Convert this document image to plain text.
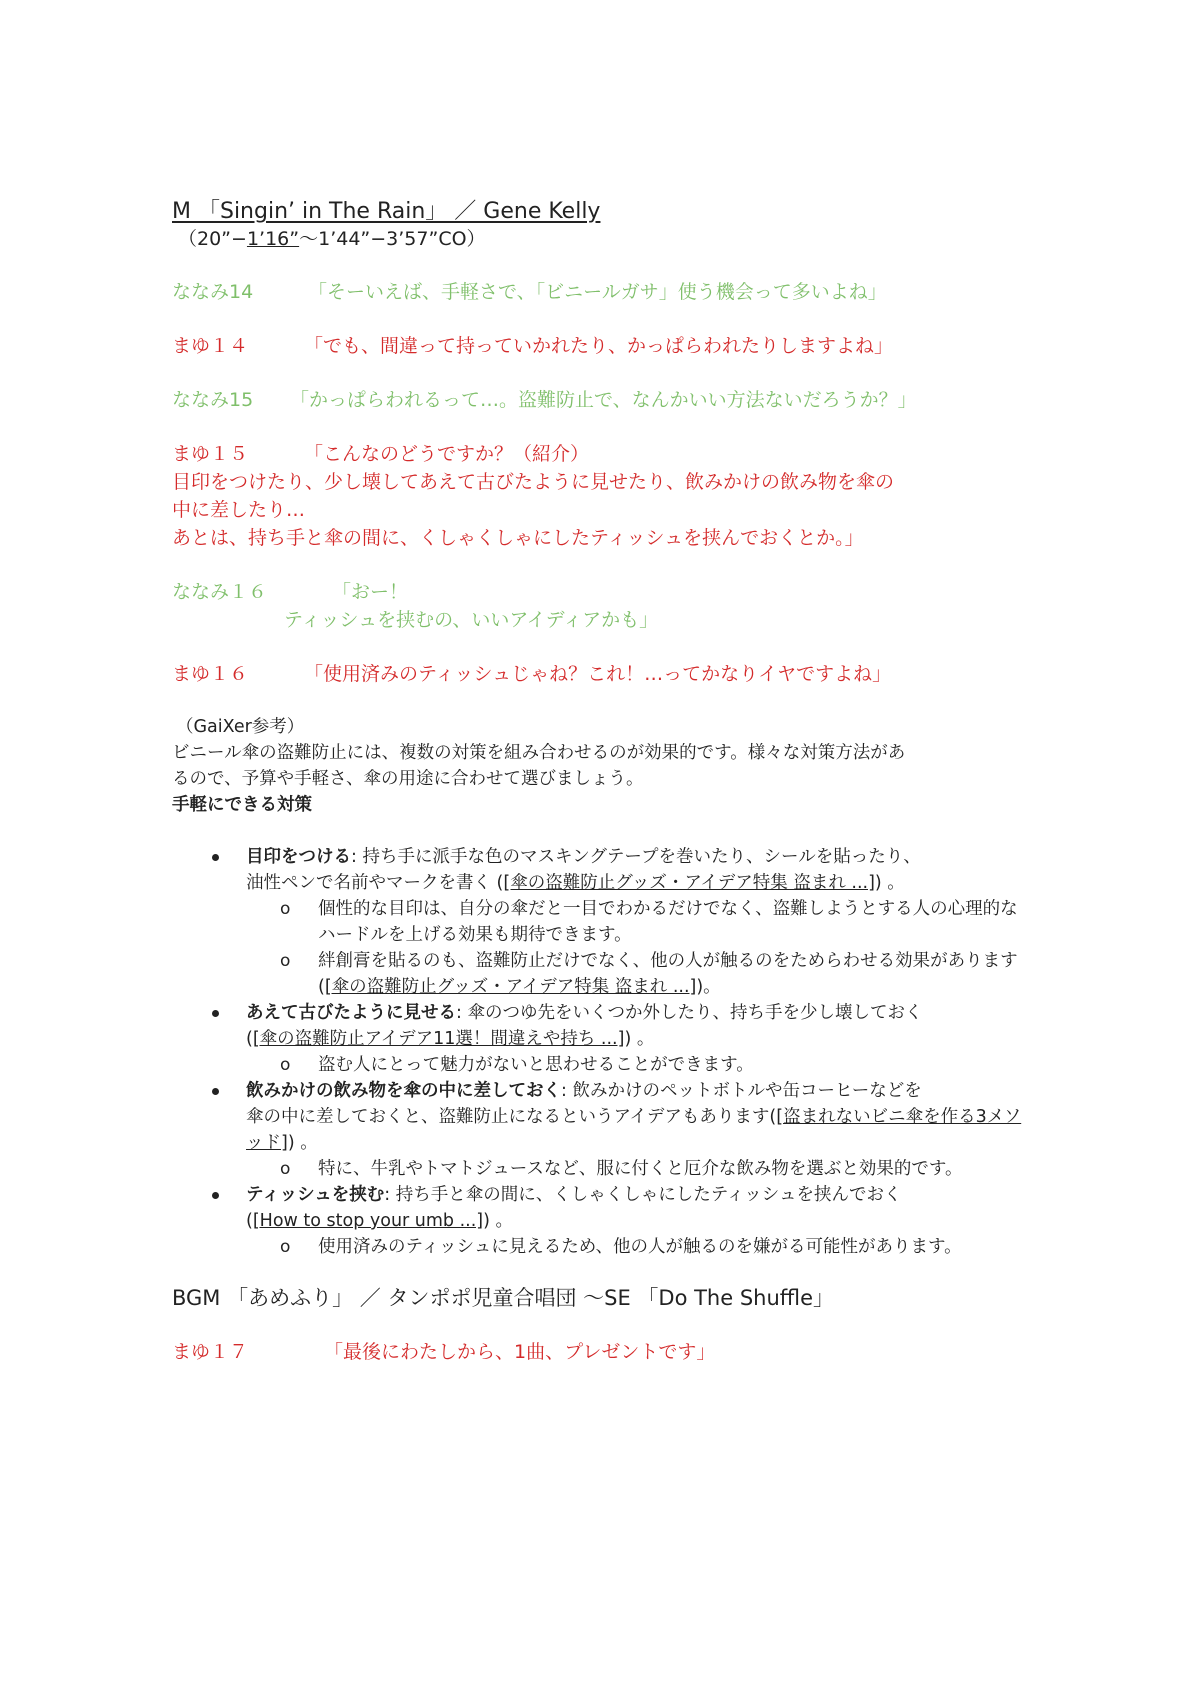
M 「Singin’ in The Rain」 ／ Gene Kelly

（20”−1’16”〜1’44”−3’57”CO）

ななみ14	「そーいえば、手軽さで、「ビニールガサ」使う機会って多いよね」

まゆ１４	「でも、間違って持っていかれたり、かっぱらわれたりしますよね」

ななみ15 「かっぱらわれるって…。盗難防止で、なんかいい方法ないだろうか？」

まゆ１５	「こんなのどうですか？（紹介）

目印をつけたり、少し壊してあえて古びたように見せたり、飲みかけの飲み物を傘の

中に差したり…

あとは、持ち手と傘の間に、くしゃくしゃにしたティッシュを挟んでおくとか。」

ななみ１６	「おー！

ティッシュを挟むの、いいアイディアかも」

まゆ１６	「使用済みのティッシュじゃね？これ！…ってかなりイヤですよね」

（GaiXer参考）

ビニール傘の盗難防止には、複数の対策を組み合わせるのが効果的です。様々な対策方法があ

るので、予算や手軽さ、傘の用途に合わせて選びましょう。

手軽にできる対策

目印をつける: 持ち手に派手な色のマスキングテープを巻いたり、シールを貼ったり、
油性ペンで名前やマークを書く ([傘の盗難防止グッズ・アイデア特集 盗まれ ...]) 。
o 個性的な目印は、自分の傘だと一目でわかるだけでなく、盗難しようとする人の心理的なハードルを上げる効果も期待できます。
o 絆創膏を貼るのも、盗難防止だけでなく、他の人が触るのをためらわせる効果があります([傘の盗難防止グッズ・アイデア特集 盗まれ ...])。
あえて古びたように見せる: 傘のつゆ先をいくつか外したり、持ち手を少し壊しておく
([傘の盗難防止アイデア11選！間違えや持ち ...]) 。
o 盗む人にとって魅力がないと思わせることができます。
飲みかけの飲み物を傘の中に差しておく: 飲みかけのペットボトルや缶コーヒーなどを
傘の中に差しておくと、盗難防止になるというアイデアもあります([盗まれないビニ傘を作る3メソッド]) 。
o 特に、牛乳やトマトジュースなど、服に付くと厄介な飲み物を選ぶと効果的です。
ティッシュを挟む: 持ち手と傘の間に、くしゃくしゃにしたティッシュを挟んでおく
([How to stop your umb ...]) 。
o 使用済みのティッシュに見えるため、他の人が触るのを嫌がる可能性があります。

BGM 「あめふり」 ／ タンポポ児童合唱団 〜SE 「Do The Shuffle」

まゆ１７	「最後にわたしから、1曲、プレゼントです」
